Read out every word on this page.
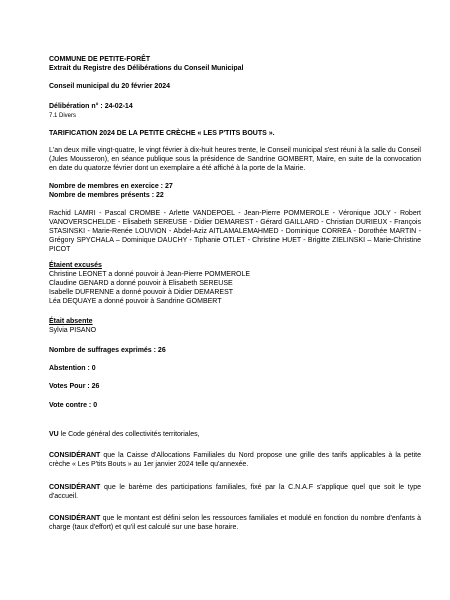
COMMUNE DE PETITE-FORÊT
Extrait du Registre des Délibérations du Conseil Municipal
Conseil municipal du 20 février 2024
Délibération n° : 24-02-14
7.1 Divers
TARIFICATION 2024 DE LA PETITE CRÈCHE « LES P'TITS BOUTS ».

L'an deux mille vingt-quatre, le vingt février à dix-huit heures trente, le Conseil municipal s'est réuni à la salle du Conseil (Jules Mousseron), en séance publique sous la présidence de Sandrine GOMBERT, Maire, en suite de la convocation en date du quatorze février dont un exemplaire a été affiché à la porte de la Mairie.

Nombre de membres en exercice : 27
Nombre de membres présents : 22

Rachid LAMRI - Pascal CROMBE - Arlette VANDEPOEL - Jean-Pierre POMMEROLE - Véronique JOLY - Robert VANOVERSCHELDE - Elisabeth SEREUSE - Didier DEMAREST - Gérard GAILLARD - Christian DURIEUX - François STASINSKI - Marie-Renée LOUVION - Abdel-Aziz AITLAMALEMAHMED - Dominique CORREA - Dorothée MARTIN - Grégory SPYCHALA – Dominique DAUCHY - Tiphanie OTLET - Christine HUET - Brigitte ZIELINSKI – Marie-Christine PICOT

Étaient excusés
Christine LEONET a donné pouvoir à Jean-Pierre POMMEROLE
Claudine GENARD a donné pouvoir à Elisabeth SEREUSE
Isabelle DUFRENNE a donné pouvoir à Didier DEMAREST
Léa DEQUAYE a donné pouvoir à Sandrine GOMBERT
Était absente
Sylvia PISANO
Nombre de suffrages exprimés : 26
Abstention : 0
Votes Pour : 26
Vote contre : 0

VU le Code général des collectivités territoriales,

CONSIDÉRANT que la Caisse d'Allocations Familiales du Nord propose une grille des tarifs applicables à la petite crèche « Les P'tits Bouts » au 1er janvier 2024 telle qu'annexée.

CONSIDÉRANT que le barème des participations familiales, fixé par la C.N.A.F s'applique quel que soit le type d'accueil.

CONSIDÉRANT que le montant est défini selon les ressources familiales et modulé en fonction du nombre d'enfants à charge (taux d'effort) et qu'il est calculé sur une base horaire.
